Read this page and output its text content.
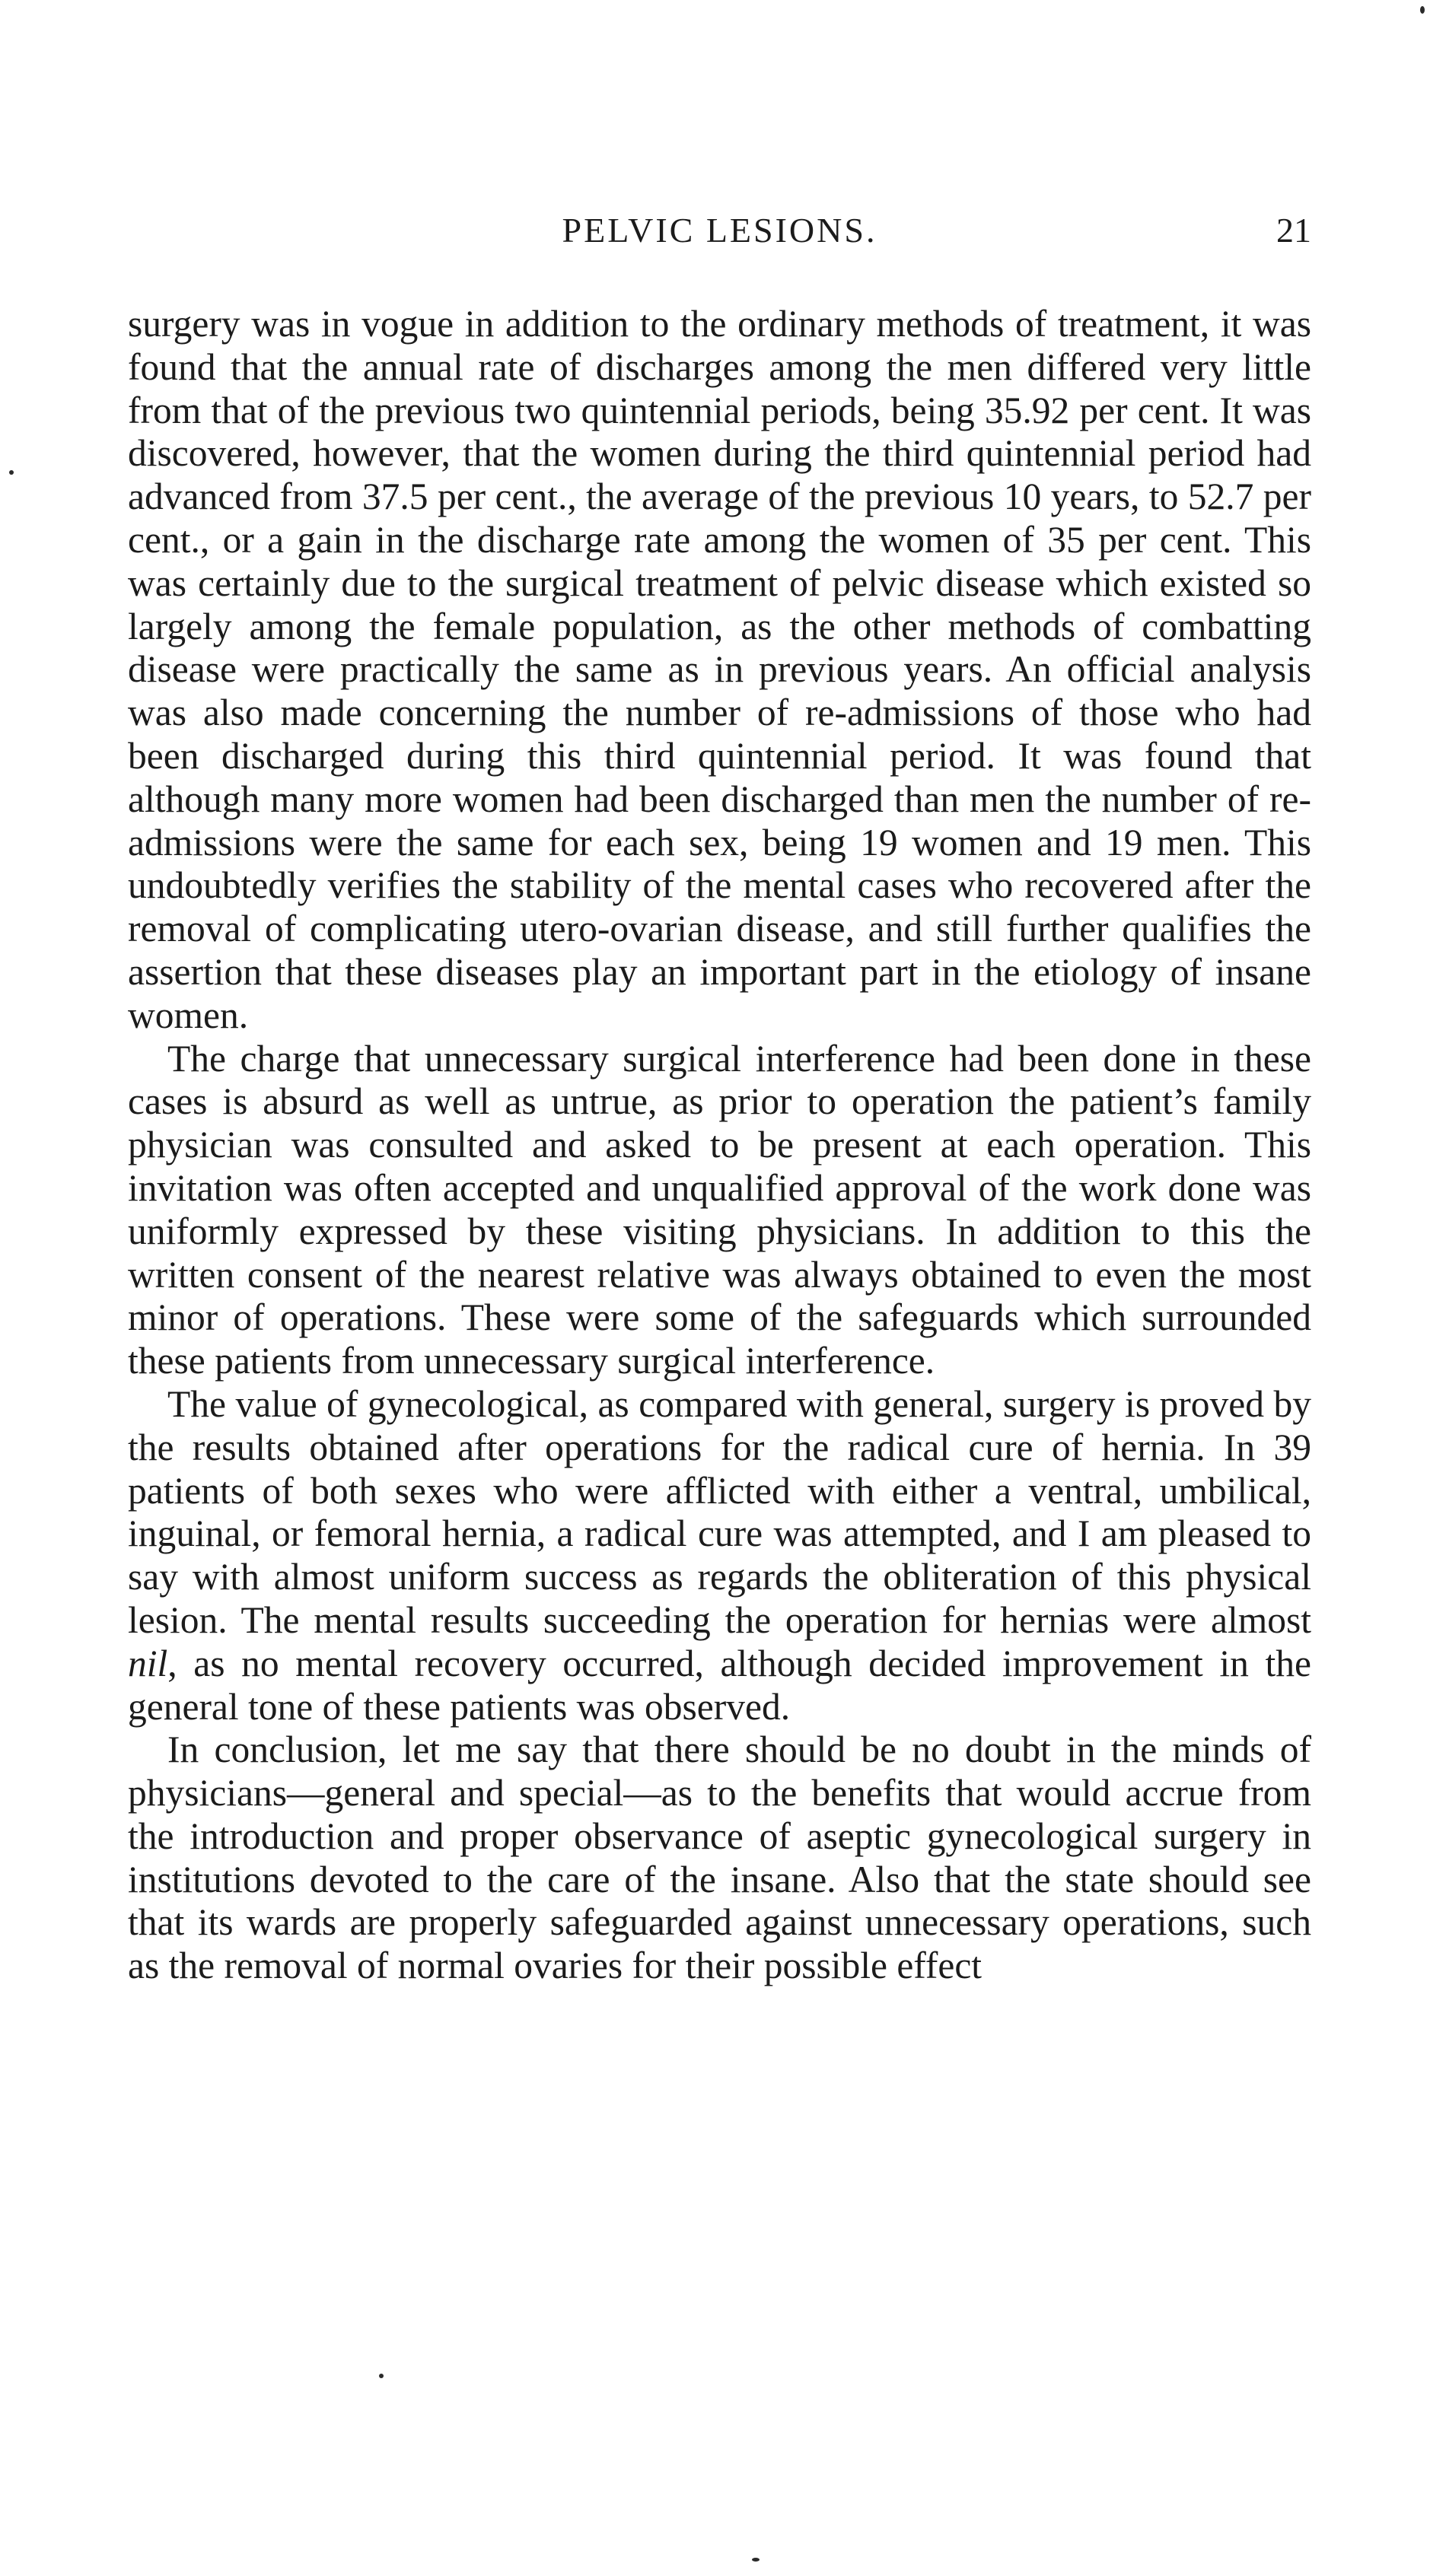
PELVIC LESIONS.	21

surgery was in vogue in addition to the ordinary methods of treatment, it was found that the annual rate of discharges among the men differed very little from that of the previous two quintennial periods, being 35.92 per cent. It was discovered, however, that the women during the third quintennial period had advanced from 37.5 per cent., the average of the previous 10 years, to 52.7 per cent., or a gain in the discharge rate among the women of 35 per cent. This was certainly due to the surgical treatment of pelvic disease which existed so largely among the female population, as the other methods of combatting disease were practically the same as in previous years. An official analysis was also made concerning the number of re-admissions of those who had been discharged during this third quintennial period. It was found that although many more women had been discharged than men the number of re-admissions were the same for each sex, being 19 women and 19 men. This undoubtedly verifies the stability of the mental cases who recovered after the removal of complicating utero-ovarian disease, and still further qualifies the assertion that these diseases play an important part in the etiology of insane women.

The charge that unnecessary surgical interference had been done in these cases is absurd as well as untrue, as prior to operation the patient’s family physician was consulted and asked to be present at each operation. This invitation was often accepted and unqualified approval of the work done was uniformly expressed by these visiting physicians. In addition to this the written consent of the nearest relative was always obtained to even the most minor of operations. These were some of the safeguards which surrounded these patients from unnecessary surgical interference.

The value of gynecological, as compared with general, surgery is proved by the results obtained after operations for the radical cure of hernia. In 39 patients of both sexes who were afflicted with either a ventral, umbilical, inguinal, or femoral hernia, a radical cure was attempted, and I am pleased to say with almost uniform success as regards the obliteration of this physical lesion. The mental results succeeding the operation for hernias were almost nil, as no mental recovery occurred, although decided improvement in the general tone of these patients was observed.

In conclusion, let me say that there should be no doubt in the minds of physicians—general and special—as to the benefits that would accrue from the introduction and proper observance of aseptic gynecological surgery in institutions devoted to the care of the insane. Also that the state should see that its wards are properly safeguarded against unnecessary operations, such as the removal of normal ovaries for their possible effect
